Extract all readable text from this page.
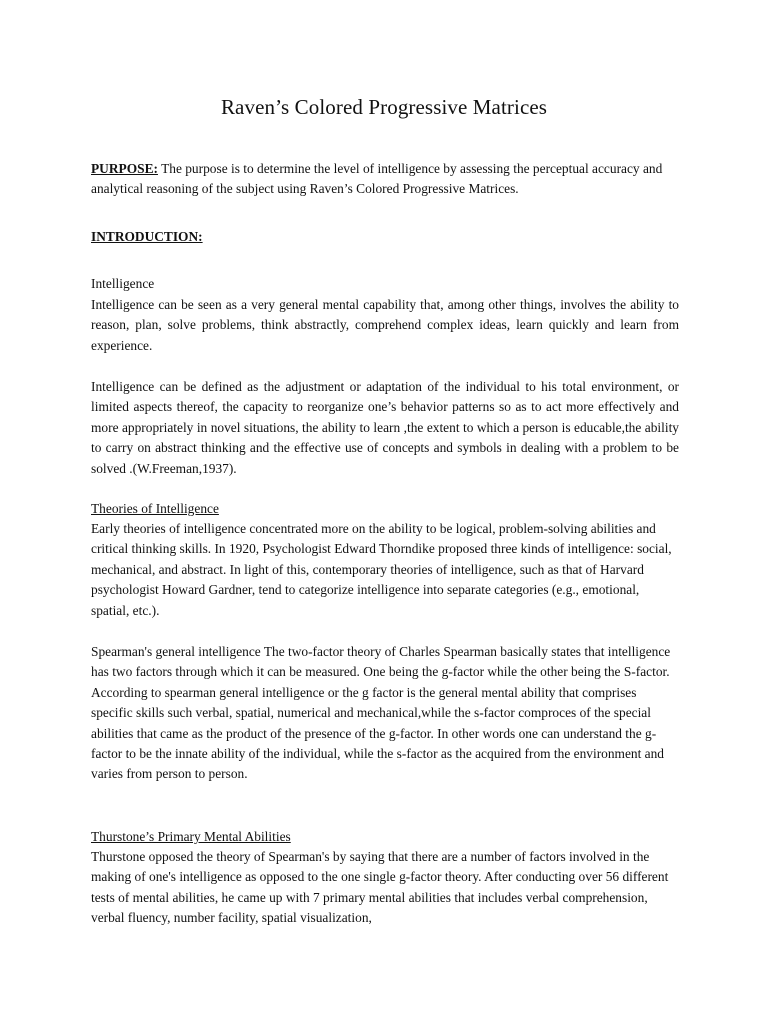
Raven’s Colored Progressive Matrices

PURPOSE: The purpose is to determine the level of intelligence by assessing the perceptual accuracy and analytical reasoning of the subject using Raven’s Colored Progressive Matrices.

INTRODUCTION:
Intelligence

Intelligence can be seen as a very general mental capability that, among other things, involves the ability to reason, plan, solve problems, think abstractly, comprehend complex ideas, learn quickly and learn from experience.

Intelligence can be defined as the adjustment or adaptation of the individual to his total environment, or limited aspects thereof, the capacity to reorganize one’s behavior patterns so as to act more effectively and more appropriately in novel situations, the ability to learn ,the extent to which a person is educable,the ability to carry on abstract thinking and the effective use of concepts and symbols in dealing with a problem to be solved .(W.Freeman,1937).

Theories of Intelligence

Early theories of intelligence concentrated more on the ability to be logical, problem-solving abilities and critical thinking skills. In 1920, Psychologist Edward Thorndike proposed three kinds of intelligence: social, mechanical, and abstract. In light of this, contemporary theories of intelligence, such as that of Harvard psychologist Howard Gardner, tend to categorize intelligence into separate categories (e.g., emotional, spatial, etc.).

Spearman's general intelligence The two-factor theory of Charles Spearman basically states that intelligence has two factors through which it can be measured. One being the g-factor while the other being the S-factor. According to spearman general intelligence or the g factor is the general mental ability that comprises specific skills such verbal, spatial, numerical and mechanical,while the s-factor comproces of the special abilities that came as the product of the presence of the g-factor. In other words one can understand the g-factor to be the innate ability of the individual, while the s-factor as the acquired from the environment and varies from person to person.

Thurstone’s Primary Mental Abilities

Thurstone opposed the theory of Spearman's by saying that there are a number of factors involved in the making of one's intelligence as opposed to the one single g-factor theory. After conducting over 56 different tests of mental abilities, he came up with 7 primary mental abilities that includes verbal comprehension, verbal fluency, number facility, spatial visualization,
